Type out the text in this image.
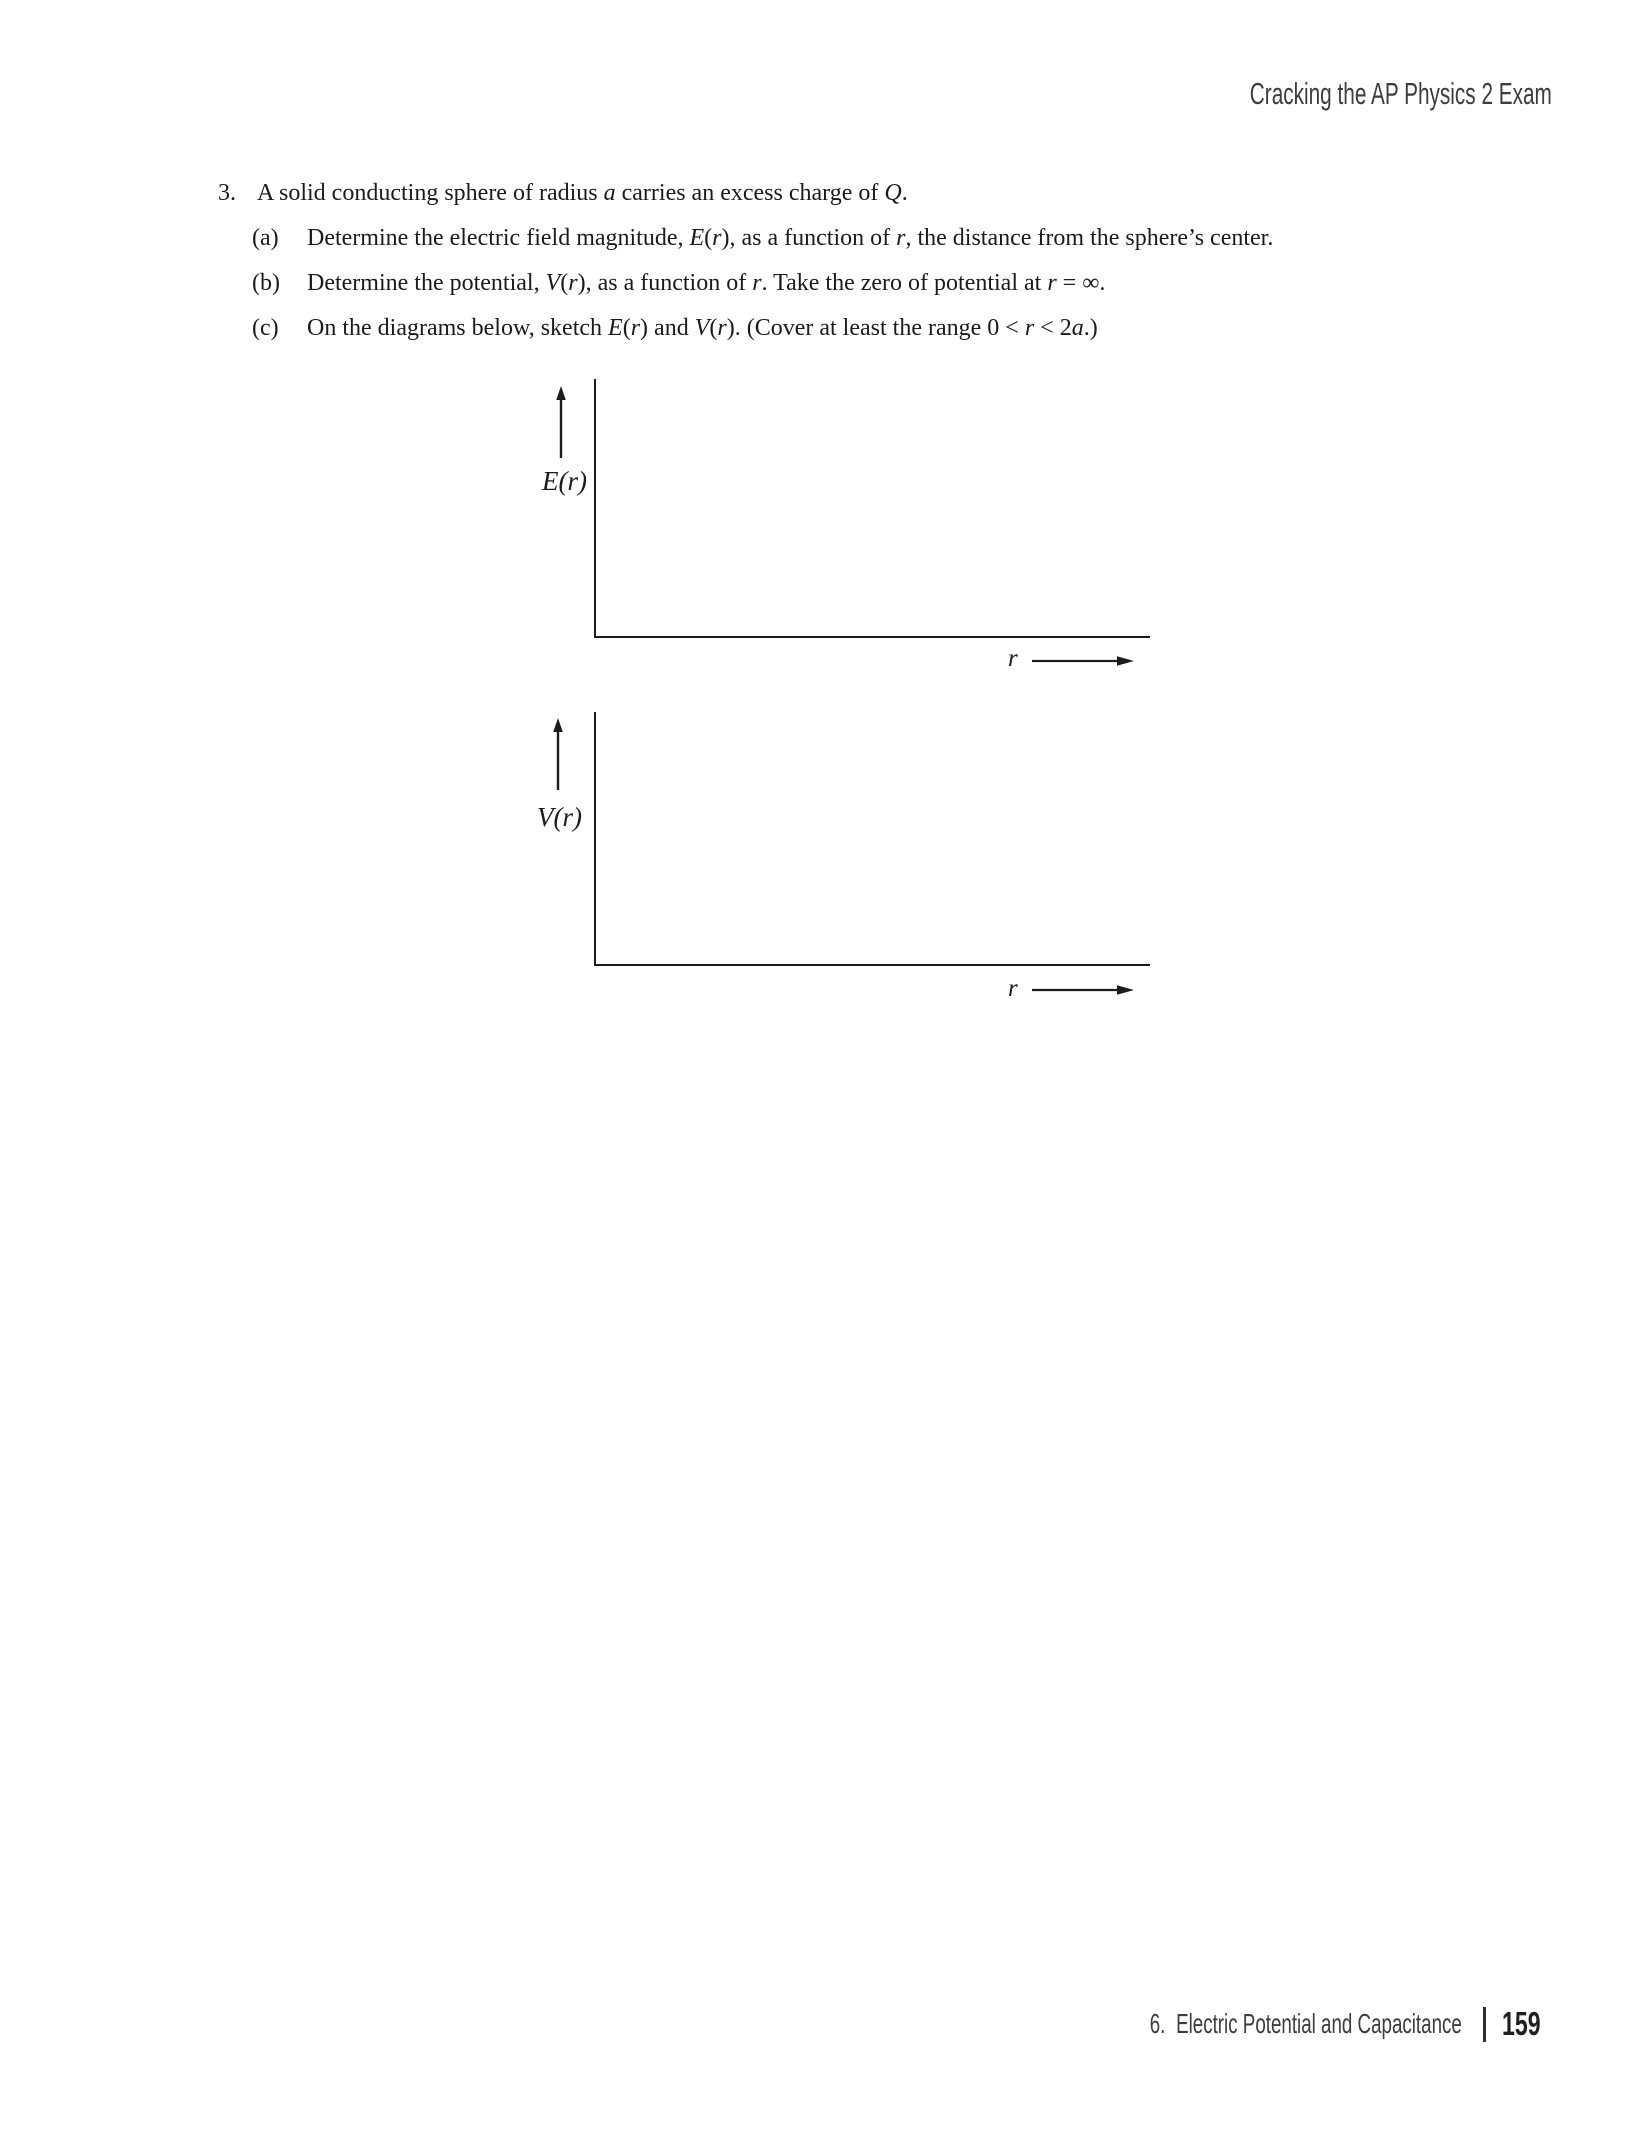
Cracking the AP Physics 2 Exam
3. A solid conducting sphere of radius a carries an excess charge of Q.
(a) Determine the electric field magnitude, E(r), as a function of r, the distance from the sphere’s center.
(b) Determine the potential, V(r), as a function of r. Take the zero of potential at r = ∞.
(c) On the diagrams below, sketch E(r) and V(r). (Cover at least the range 0 < r < 2a.)
E(r)
r
V(r)
r
6. Electric Potential and Capacitance 159
